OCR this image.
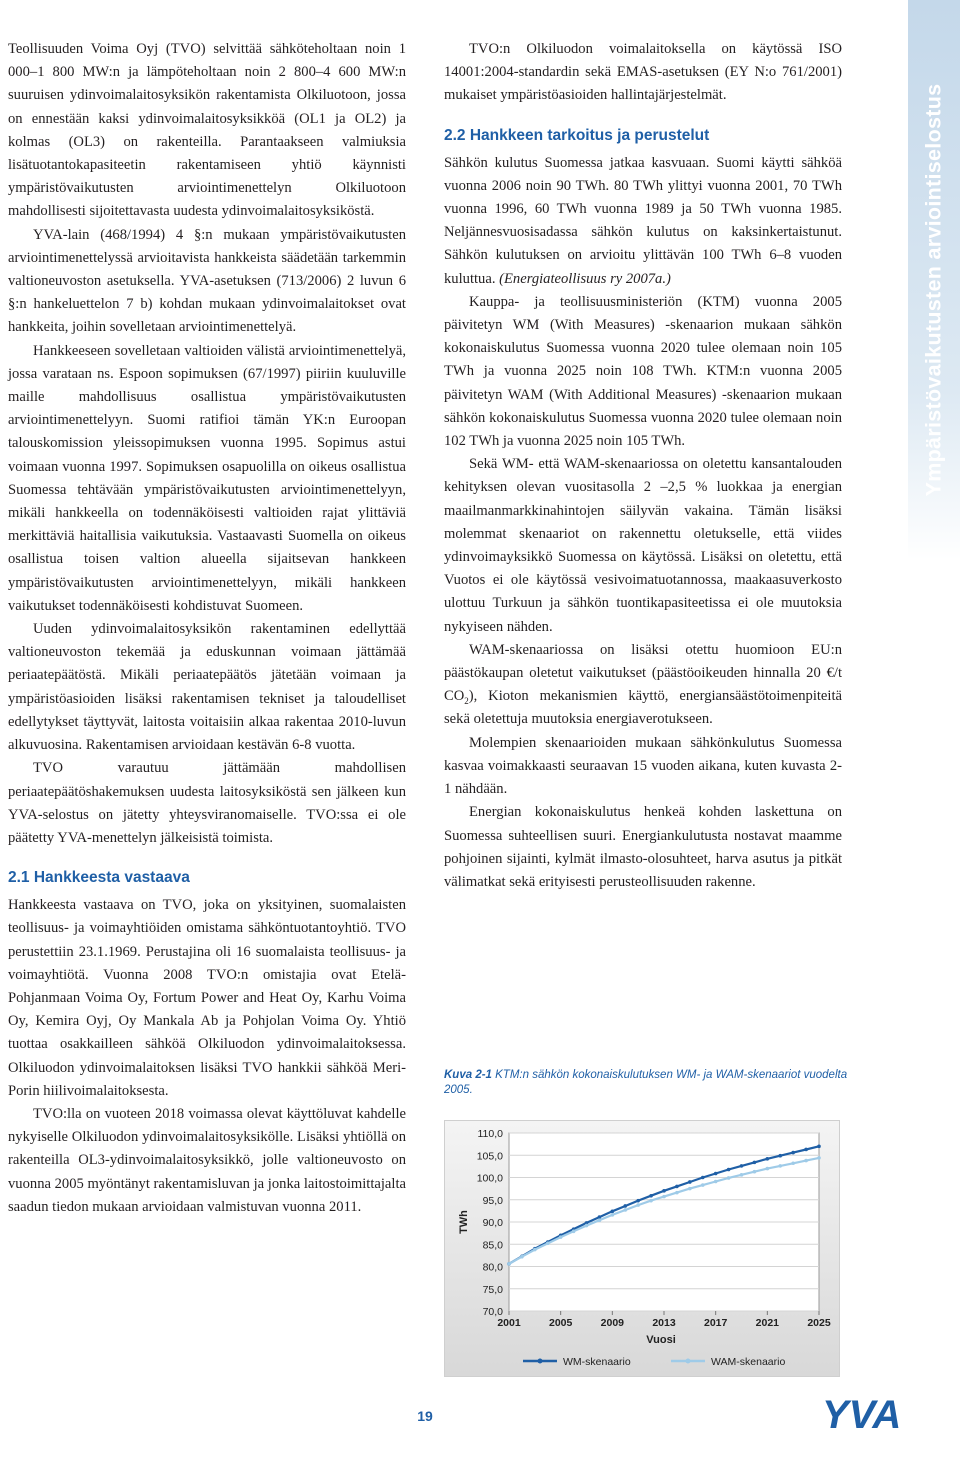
Ympäristövaikutusten arviointiselostus

Teollisuuden Voima Oyj (TVO) selvittää sähköteholtaan noin 1 000–1 800 MW:n ja lämpöteholtaan noin 2 800–4 600 MW:n suuruisen ydinvoimalaitosyksikön rakentamista Olkiluotoon, jossa on ennestään kaksi ydinvoimalaitosyksikköä (OL1 ja OL2) ja kolmas (OL3) on rakenteilla. Parantaakseen valmiuksia lisätuotantokapasiteetin rakentamiseen yhtiö käynnisti ympäristövaikutusten arviointimenettelyn Olkiluotoon mahdollisesti sijoitettavasta uudesta ydinvoimalaitosyksiköstä.

YVA-lain (468/1994) 4 §:n mukaan ympäristövaikutusten arviointimenettelyssä arvioitavista hankkeista säädetään tarkemmin valtioneuvoston asetuksella. YVA-asetuksen (713/2006) 2 luvun 6 §:n hankeluettelon 7 b) kohdan mukaan ydinvoimalaitokset ovat hankkeita, joihin sovelletaan arviointimenettelyä.

Hankkeeseen sovelletaan valtioiden välistä arviointimenettelyä, jossa varataan ns. Espoon sopimuksen (67/1997) piiriin kuuluville maille mahdollisuus osallistua ympäristövaikutusten arviointimenettelyyn. Suomi ratifioi tämän YK:n Euroopan talouskomission yleissopimuksen vuonna 1995. Sopimus astui voimaan vuonna 1997. Sopimuksen osapuolilla on oikeus osallistua Suomessa tehtävään ympäristövaikutusten arviointimenettelyyn, mikäli hankkeella on todennäköisesti valtioiden rajat ylittäviä merkittäviä haitallisia vaikutuksia. Vastaavasti Suomella on oikeus osallistua toisen valtion alueella sijaitsevan hankkeen ympäristövaikutusten arviointimenettelyyn, mikäli hankkeen vaikutukset todennäköisesti kohdistuvat Suomeen.

Uuden ydinvoimalaitosyksikön rakentaminen edellyttää valtioneuvoston tekemää ja eduskunnan voimaan jättämää periaatepäätöstä. Mikäli periaatepäätös jätetään voimaan ja ympäristöasioiden lisäksi rakentamisen tekniset ja taloudelliset edellytykset täyttyvät, laitosta voitaisiin alkaa rakentaa 2010-luvun alkuvuosina. Rakentamisen arvioidaan kestävän 6-8 vuotta.

TVO varautuu jättämään mahdollisen periaatepäätöshakemuksen uudesta laitosyksiköstä sen jälkeen kun YVA-selostus on jätetty yhteysviranomaiselle. TVO:ssa ei ole päätetty YVA-menettelyn jälkeisistä toimista.

2.1 Hankkeesta vastaava

Hankkeesta vastaava on TVO, joka on yksityinen, suomalaisten teollisuus- ja voimayhtiöiden omistama sähköntuotantoyhtiö. TVO perustettiin 23.1.1969. Perustajina oli 16 suomalaista teollisuus- ja voimayhtiötä. Vuonna 2008 TVO:n omistajia ovat Etelä-Pohjanmaan Voima Oy, Fortum Power and Heat Oy, Karhu Voima Oy, Kemira Oyj, Oy Mankala Ab ja Pohjolan Voima Oy. Yhtiö tuottaa osakkailleen sähköä Olkiluodon ydinvoimalaitoksessa. Olkiluodon ydinvoimalaitoksen lisäksi TVO hankkii sähköä Meri-Porin hiilivoimalaitoksesta.

TVO:lla on vuoteen 2018 voimassa olevat käyttöluvat kahdelle nykyiselle Olkiluodon ydinvoimalaitosyksikölle. Lisäksi yhtiöllä on rakenteilla OL3-ydinvoimalaitosyksikkö, jolle valtioneuvosto on vuonna 2005 myöntänyt rakentamisluvan ja jonka laitostoimittajalta saadun tiedon mukaan arvioidaan valmistuvan vuonna 2011.

TVO:n Olkiluodon voimalaitoksella on käytössä ISO 14001:2004-standardin sekä EMAS-asetuksen (EY N:o 761/2001) mukaiset ympäristöasioiden hallintajärjestelmät.

2.2 Hankkeen tarkoitus ja perustelut

Sähkön kulutus Suomessa jatkaa kasvuaan. Suomi käytti sähköä vuonna 2006 noin 90 TWh. 80 TWh ylittyi vuonna 2001, 70 TWh vuonna 1996, 60 TWh vuonna 1989 ja 50 TWh vuonna 1985. Neljännesvuosisadassa sähkön kulutus on kaksinkertaistunut. Sähkön kulutuksen on arvioitu ylittävän 100 TWh 6–8 vuoden kuluttua. (Energiateollisuus ry 2007a.)

Kauppa- ja teollisuusministeriön (KTM) vuonna 2005 päivitetyn WM (With Measures) -skenaarion mukaan sähkön kokonaiskulutus Suomessa vuonna 2020 tulee olemaan noin 105 TWh ja vuonna 2025 noin 108 TWh. KTM:n vuonna 2005 päivitetyn WAM (With Additional Measures) -skenaarion mukaan sähkön kokonaiskulutus Suomessa vuonna 2020 tulee olemaan noin 102 TWh ja vuonna 2025 noin 105 TWh.

Sekä WM- että WAM-skenaariossa on oletettu kansantalouden kehityksen olevan vuositasolla 2 –2,5 % luokkaa ja energian maailmanmarkkinahintojen säilyvän vakaina. Tämän lisäksi molemmat skenaariot on rakennettu oletukselle, että viides ydinvoimayksikkö Suomessa on käytössä. Lisäksi on oletettu, että Vuotos ei ole käytössä vesivoimatuotannossa, maakaasuverkosto ulottuu Turkuun ja sähkön tuontikapasiteetissa ei ole muutoksia nykyiseen nähden.

WAM-skenaariossa on lisäksi otettu huomioon EU:n päästökaupan oletetut vaikutukset (päästöoikeuden hinnalla 20 €/t $CO_2$), Kioton mekanismien käyttö, energiansäästötoimenpiteitä sekä oletettuja muutoksia energiaverotukseen.

Molempien skenaarioiden mukaan sähkönkulutus Suomessa kasvaa voimakkaasti seuraavan 15 vuoden aikana, kuten kuvasta 2-1 nähdään.

Energian kokonaiskulutus henkeä kohden laskettuna on Suomessa suhteellisen suuri. Energiankulutusta nostavat maamme pohjoinen sijainti, kylmät ilmasto-olosuhteet, harva asutus ja pitkät välimatkat sekä erityisesti perusteollisuuden rakenne.

Kuva 2-1 KTM:n sähkön kokonaiskulutuksen WM- ja WAM-skenaariot vuodelta 2005.
70,0
75,0
80,0
85,0
90,0
95,0
100,0
105,0
110,0
2001	2005	2009	2013	2017	2021	2025
TWh
Vuosi
WM-skenaario	WAM-skenaario
19	YVA
